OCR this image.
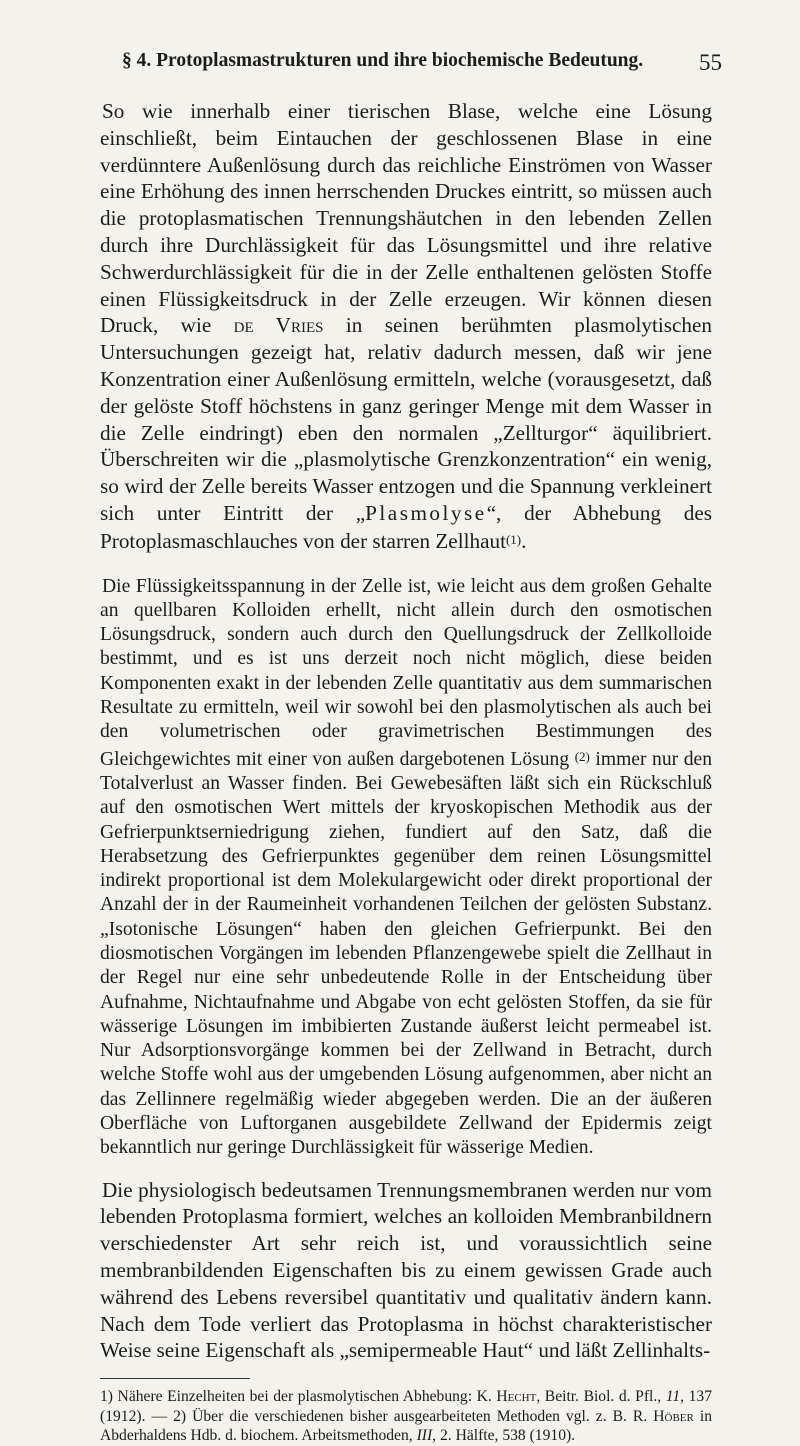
§ 4. Protoplasmastrukturen und ihre biochemische Bedeutung. 55

So wie innerhalb einer tierischen Blase, welche eine Lösung einschließt, beim Eintauchen der geschlossenen Blase in eine verdünntere Außenlösung durch das reichliche Einströmen von Wasser eine Erhöhung des innen herrschenden Druckes eintritt, so müssen auch die protoplasmatischen Trennungshäutchen in den lebenden Zellen durch ihre Durchlässigkeit für das Lösungsmittel und ihre relative Schwerdurchlässigkeit für die in der Zelle enthaltenen gelösten Stoffe einen Flüssigkeitsdruck in der Zelle erzeugen. Wir können diesen Druck, wie de Vries in seinen berühmten plasmolytischen Untersuchungen gezeigt hat, relativ dadurch messen, daß wir jene Konzentration einer Außenlösung ermitteln, welche (vorausgesetzt, daß der gelöste Stoff höchstens in ganz geringer Menge mit dem Wasser in die Zelle eindringt) eben den normalen „Zellturgor“ äquilibriert. Überschreiten wir die „plasmolytische Grenzkonzentration“ ein wenig, so wird der Zelle bereits Wasser entzogen und die Spannung verkleinert sich unter Eintritt der „Plasmolyse“, der Abhebung des Protoplasmaschlauches von der starren Zellhaut(1).

Die Flüssigkeitsspannung in der Zelle ist, wie leicht aus dem großen Gehalte an quellbaren Kolloiden erhellt, nicht allein durch den osmotischen Lösungsdruck, sondern auch durch den Quellungsdruck der Zellkolloide bestimmt, und es ist uns derzeit noch nicht möglich, diese beiden Komponenten exakt in der lebenden Zelle quantitativ aus dem summarischen Resultate zu ermitteln, weil wir sowohl bei den plasmolytischen als auch bei den volumetrischen oder gravimetrischen Bestimmungen des Gleichgewichtes mit einer von außen dargebotenen Lösung $^{(2)}$ immer nur den Totalverlust an Wasser finden. Bei Gewebesäften läßt sich ein Rückschluß auf den osmotischen Wert mittels der kryoskopischen Methodik aus der Gefrierpunktserniedrigung ziehen, fundiert auf den Satz, daß die Herabsetzung des Gefrierpunktes gegenüber dem reinen Lösungsmittel indirekt proportional ist dem Molekulargewicht oder direkt proportional der Anzahl der in der Raumeinheit vorhandenen Teilchen der gelösten Substanz. „Isotonische Lösungen“ haben den gleichen Gefrierpunkt. Bei den diosmotischen Vorgängen im lebenden Pflanzengewebe spielt die Zellhaut in der Regel nur eine sehr unbedeutende Rolle in der Entscheidung über Aufnahme, Nichtaufnahme und Abgabe von echt gelösten Stoffen, da sie für wässerige Lösungen im imbibierten Zustande äußerst leicht permeabel ist. Nur Adsorptionsvorgänge kommen bei der Zellwand in Betracht, durch welche Stoffe wohl aus der umgebenden Lösung aufgenommen, aber nicht an das Zellinnere regelmäßig wieder abgegeben werden. Die an der äußeren Oberfläche von Luftorganen ausgebildete Zellwand der Epidermis zeigt bekanntlich nur geringe Durchlässigkeit für wässerige Medien.

Die physiologisch bedeutsamen Trennungsmembranen werden nur vom lebenden Protoplasma formiert, welches an kolloiden Membranbildnern verschiedenster Art sehr reich ist, und voraussichtlich seine membranbildenden Eigenschaften bis zu einem gewissen Grade auch während des Lebens reversibel quantitativ und qualitativ ändern kann. Nach dem Tode verliert das Protoplasma in höchst charakteristischer Weise seine Eigenschaft als „semipermeable Haut“ und läßt Zellinhalts-

1) Nähere Einzelheiten bei der plasmolytischen Abhebung: K. Hecht, Beitr. Biol. d. Pfl., 11, 137 (1912). — 2) Über die verschiedenen bisher ausgearbeiteten Methoden vgl. z. B. R. Höber in Abderhaldens Hdb. d. biochem. Arbeitsmethoden, III, 2. Hälfte, 538 (1910).
